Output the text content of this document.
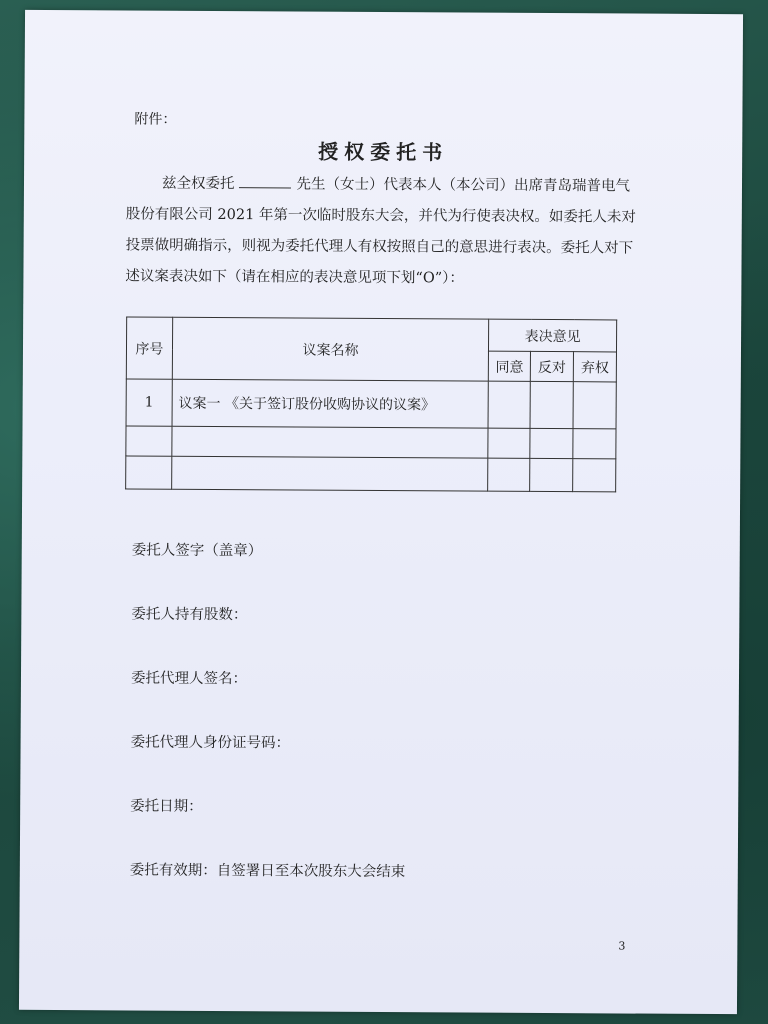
附件：
授权委托书
兹全权委托	先生（女士）代表本人（本公司）出席青岛瑞普电气
股份有限公司 2021 年第一次临时股东大会，并代为行使表决权。如委托人未对
投票做明确指示，则视为委托代理人有权按照自己的意思进行表决。委托人对下
述议案表决如下（请在相应的表决意见项下划“O”）：
序号	议案名称	表决意见		
		同意	反对	弃权
1	议案一 《关于签订股份收购协议的议案》			

委托人签字（盖章）
委托人持有股数：
委托代理人签名：
委托代理人身份证号码：
委托日期：
委托有效期：自签署日至本次股东大会结束
3
